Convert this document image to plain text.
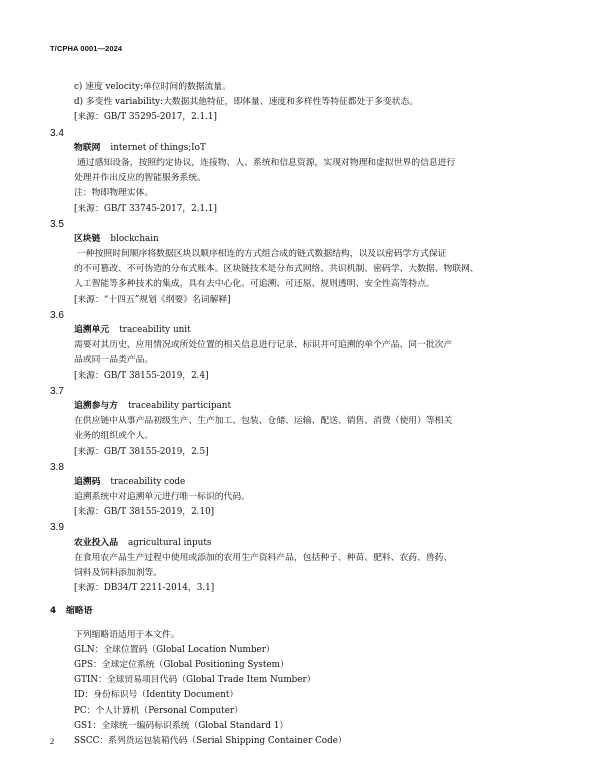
T/CPHA 0001—2024
c) 速度 velocity:单位时间的数据流量。
d) 多变性 variability:大数据其他特征，即体量、速度和多样性等特征都处于多变状态。
[来源：GB/T 35295-2017，2.1.1]
3.4
物联网 internet of things;IoT
通过感知设备，按照约定协议，连接物、人、系统和信息资源，实现对物理和虚拟世界的信息进行
处理并作出反应的智能服务系统。
注：物即物理实体。
[来源：GB/T 33745-2017，2.1.1]
3.5
区块链 blockchain
一种按照时间顺序将数据区块以顺序相连的方式组合成的链式数据结构，以及以密码学方式保证
的不可篡改、不可伪造的分布式账本。区块链技术是分布式网络、共识机制、密码学、大数据、物联网、
人工智能等多种技术的集成，具有去中心化、可追溯、可还原、规则透明、安全性高等特点。
[来源：“十四五”规划《纲要》名词解释]
3.6
追溯单元 traceability unit
需要对其历史、应用情况或所处位置的相关信息进行记录、标识并可追溯的单个产品、同一批次产
品或同一品类产品。
[来源：GB/T 38155-2019，2.4]
3.7
追溯参与方 traceability participant
在供应链中从事产品初级生产、生产加工、包装、仓储、运输、配送、销售、消费（使用）等相关
业务的组织或个人。
[来源：GB/T 38155-2019，2.5]
3.8
追溯码 traceability code
追溯系统中对追溯单元进行唯一标识的代码。
[来源：GB/T 38155-2019，2.10]
3.9
农业投入品 agricultural inputs
在食用农产品生产过程中使用或添加的农用生产资料产品，包括种子、种苗、肥料、农药、兽药、
饲料及饲料添加剂等。
[来源：DB34/T 2211-2014，3.1]
4 缩略语
下列缩略语适用于本文件。
GLN：全球位置码（Global Location Number）
GPS：全球定位系统（Global Positioning System）
GTIN：全球贸易项目代码（Global Trade Item Number）
ID：身份标识号（Identity Document）
PC：个人计算机（Personal Computer）
GS1：全球统一编码标识系统（Global Standard 1）
SSCC：系列货运包装箱代码（Serial Shipping Container Code）
2
